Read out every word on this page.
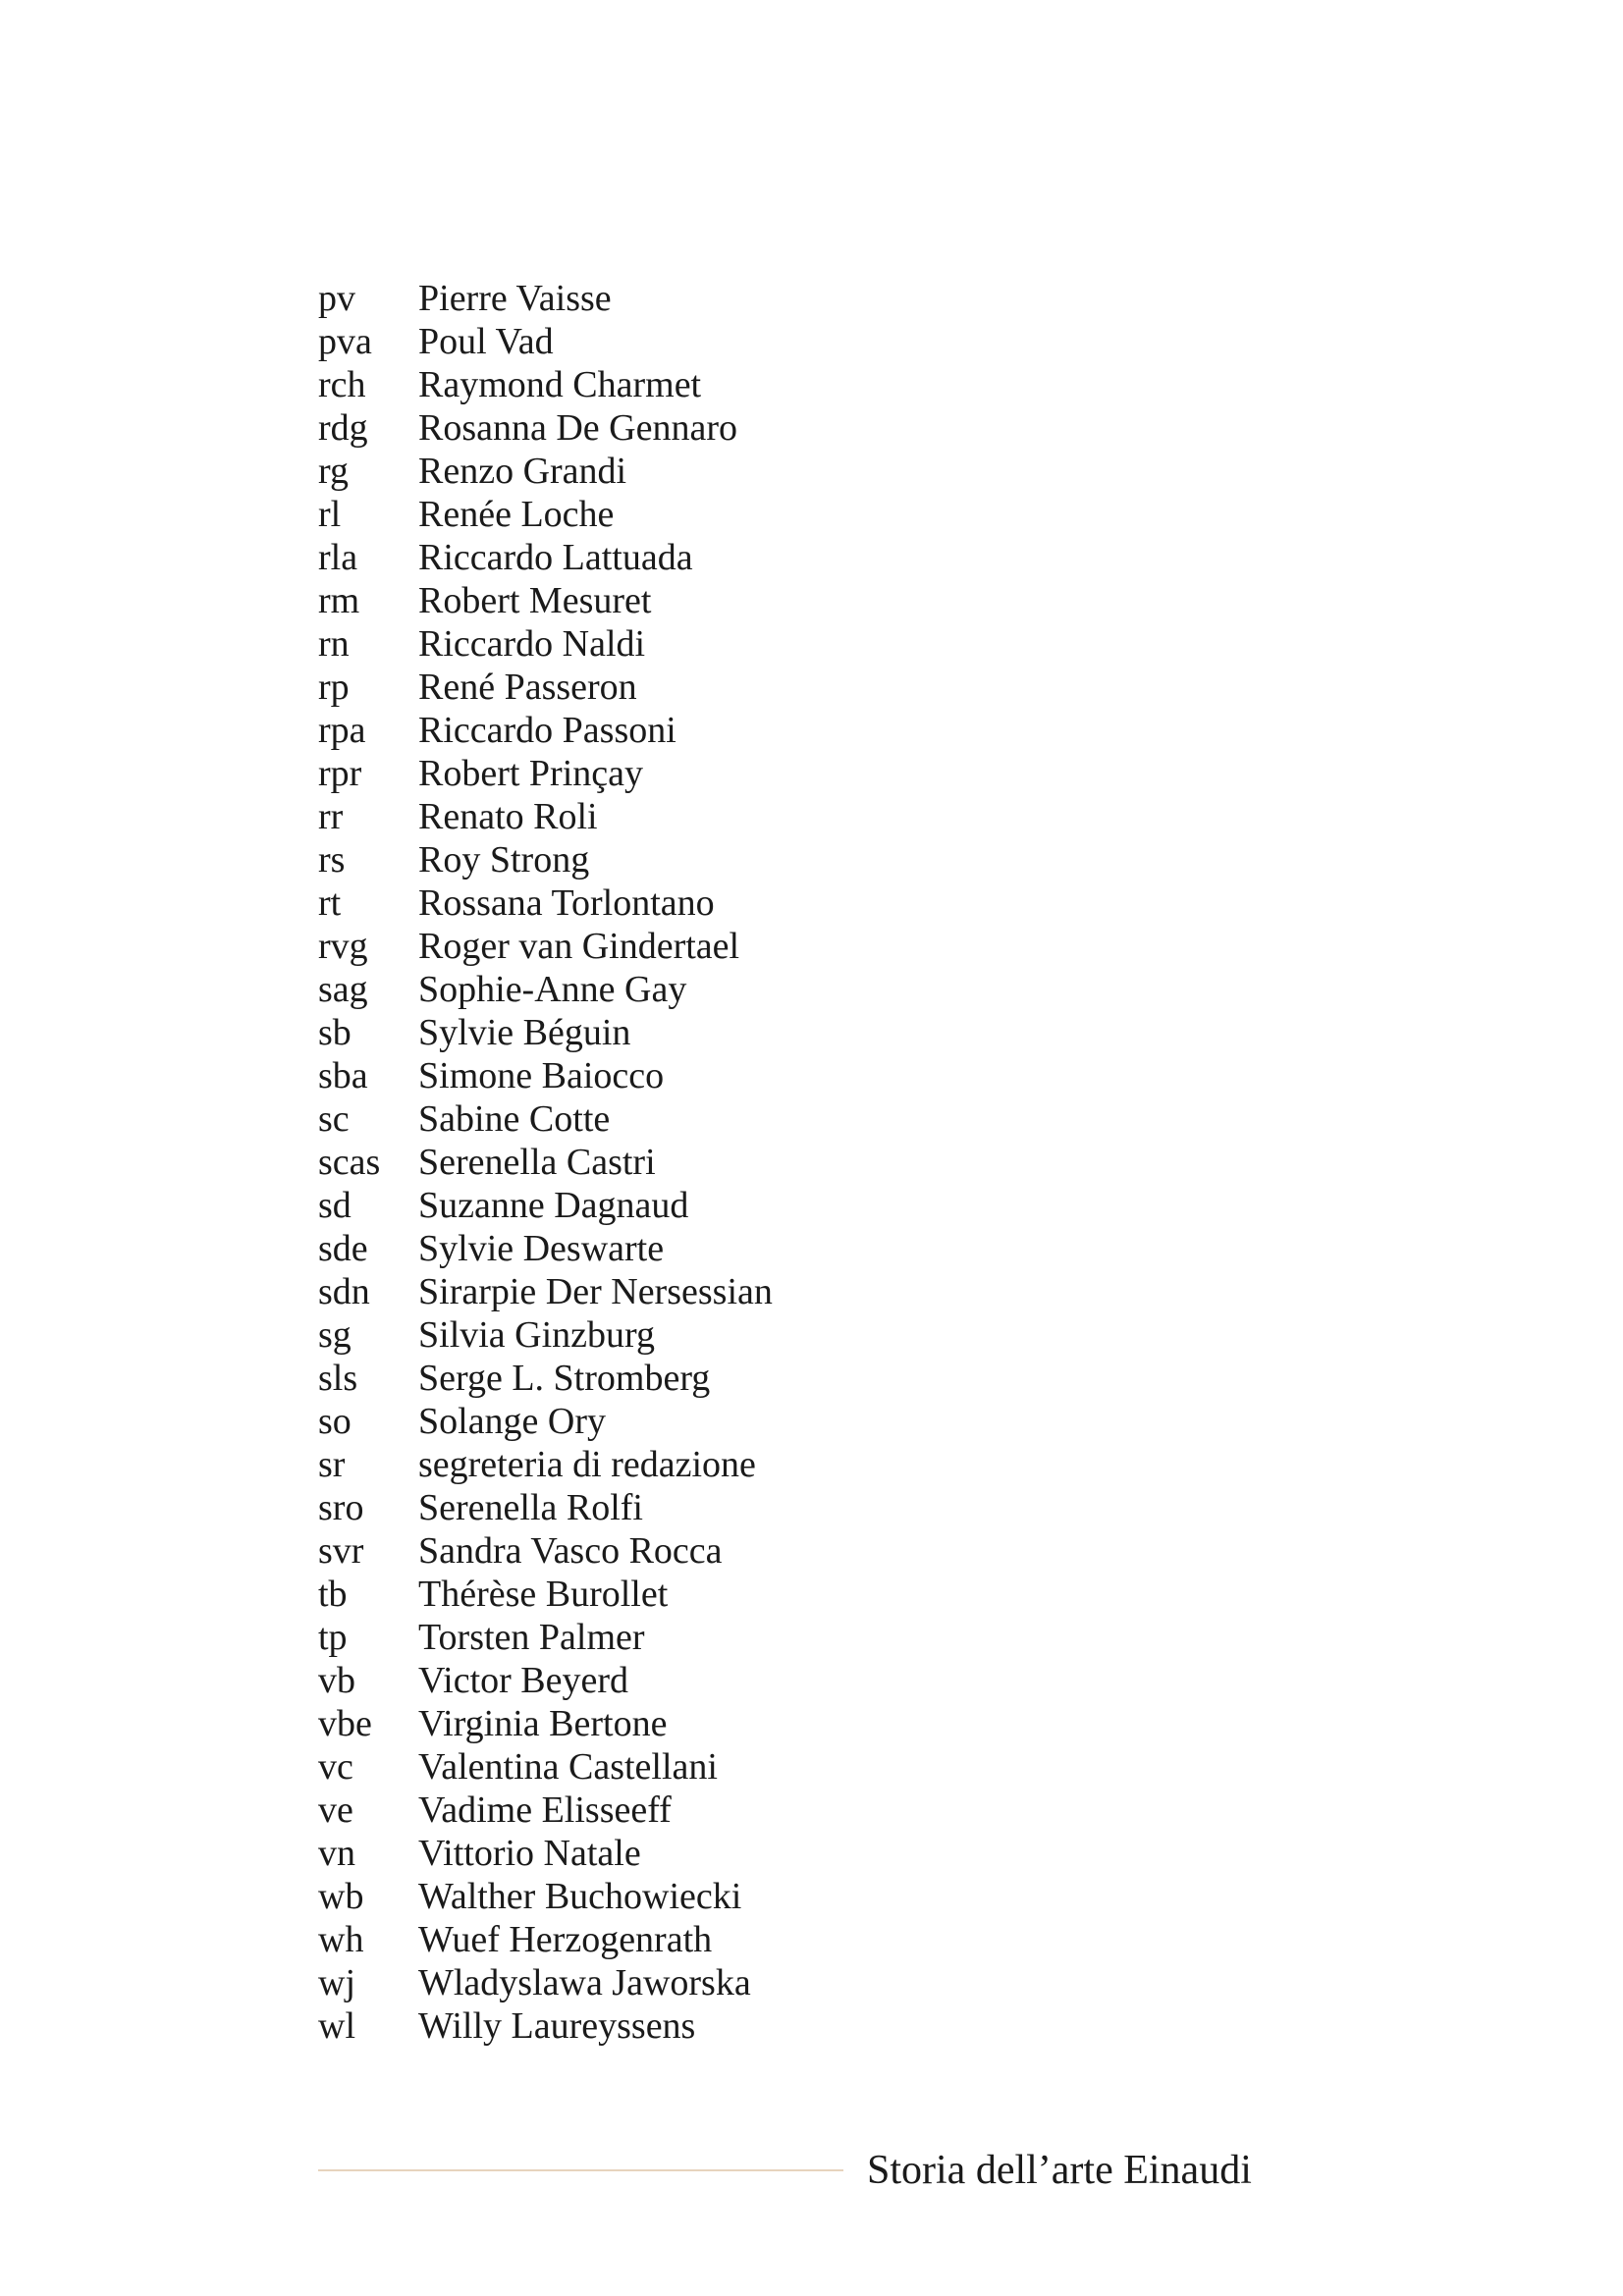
pv	Pierre Vaisse
pva	Poul Vad
rch	Raymond Charmet
rdg	Rosanna De Gennaro
rg	Renzo Grandi
rl	Renée Loche
rla	Riccardo Lattuada
rm	Robert Mesuret
rn	Riccardo Naldi
rp	René Passeron
rpa	Riccardo Passoni
rpr	Robert Prinçay
rr	Renato Roli
rs	Roy Strong
rt	Rossana Torlontano
rvg	Roger van Gindertael
sag	Sophie-Anne Gay
sb	Sylvie Béguin
sba	Simone Baiocco
sc	Sabine Cotte
scas	Serenella Castri
sd	Suzanne Dagnaud
sde	Sylvie Deswarte
sdn	Sirarpie Der Nersessian
sg	Silvia Ginzburg
sls	Serge L. Stromberg
so	Solange Ory
sr	segreteria di redazione
sro	Serenella Rolfi
svr	Sandra Vasco Rocca
tb	Thérèse Burollet
tp	Torsten Palmer
vb	Victor Beyerd
vbe	Virginia Bertone
vc	Valentina Castellani
ve	Vadime Elisseeff
vn	Vittorio Natale
wb	Walther Buchowiecki
wh	Wuef Herzogenrath
wj	Wladyslawa Jaworska
wl	Willy Laureyssens
Storia dell’arte Einaudi
